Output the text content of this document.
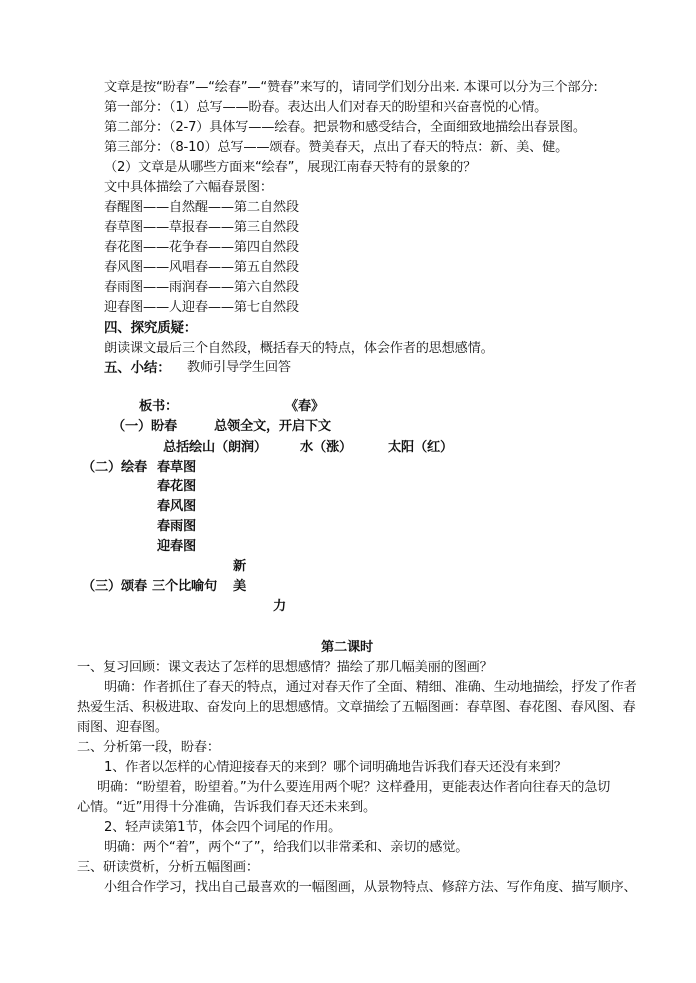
文章是按“盼春”—“绘春”—“赞春”来写的，请同学们划分出来. 本课可以分为三个部分:
第一部分：（1）总写——盼春。表达出人们对春天的盼望和兴奋喜悦的心情。
第二部分：（2-7）具体写——绘春。把景物和感受结合，全面细致地描绘出春景图。
第三部分：（8-10）总写——颂春。赞美春天，点出了春天的特点：新、美、健。
（2）文章是从哪些方面来“绘春”，展现江南春天特有的景象的？
文中具体描绘了六幅春景图：
春醒图——自然醒——第二自然段
春草图——草报春——第三自然段
春花图——花争春——第四自然段
春风图——风唱春——第五自然段
春雨图——雨润春——第六自然段
迎春图——人迎春——第七自然段
四、探究质疑：
朗读课文最后三个自然段，概括春天的特点，体会作者的思想感情。
五、小结： 教师引导学生回答
板书：	《春》
（一）盼春	总领全文，开启下文
总括绘山（朗润）	水（涨）	太阳（红）
（二）绘春 春草图
春花图
春风图
春雨图
迎春图
新
（三）颂春 三个比喻句 美
力
第二课时
一、复习回顾：课文表达了怎样的思想感情？描绘了那几幅美丽的图画？
明确：作者抓住了春天的特点，通过对春天作了全面、精细、准确、生动地描绘，抒发了作者
热爱生活、积极进取、奋发向上的思想感情。文章描绘了五幅图画：春草图、春花图、春风图、春
雨图、迎春图。
二、分析第一段，盼春：
1、作者以怎样的心情迎接春天的来到？哪个词明确地告诉我们春天还没有来到？
明确：“盼望着，盼望着。”为什么要连用两个呢？这样叠用，更能表达作者向往春天的急切
心情。“近”用得十分准确，告诉我们春天还未来到。
2、轻声读第1节，体会四个词尾的作用。
明确：两个“着”，两个“了”，给我们以非常柔和、亲切的感觉。
三、研读赏析，分析五幅图画：
小组合作学习，找出自己最喜欢的一幅图画，从景物特点、修辞方法、写作角度、描写顺序、
